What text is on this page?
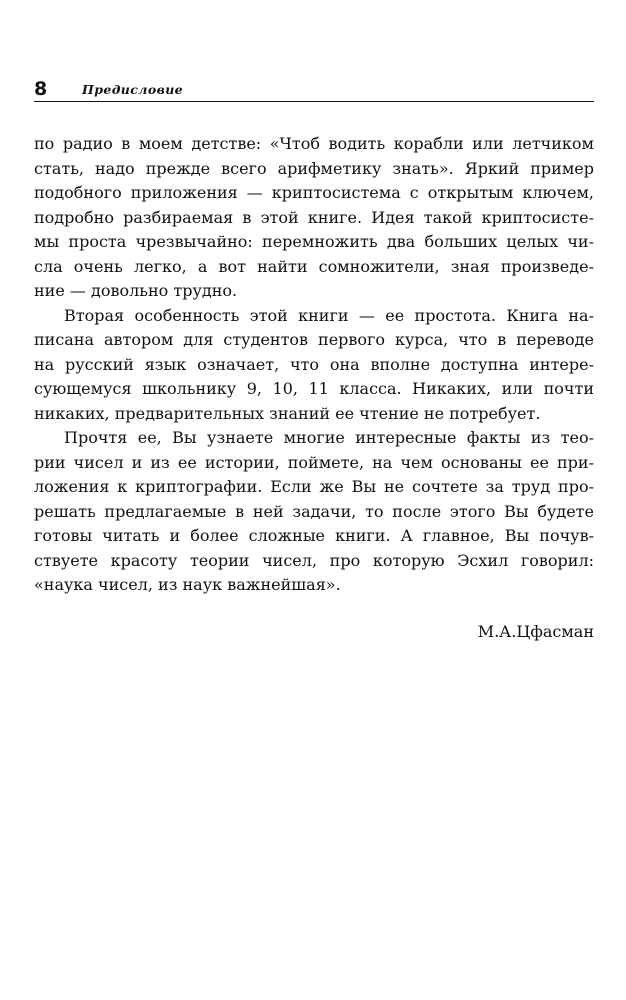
8	Предисловие
по радио в моем детстве: «Чтоб водить корабли или летчиком
стать, надо прежде всего арифметику знать». Яркий пример
подобного приложения — криптосистема с открытым ключем,
подробно разбираемая в этой книге. Идея такой криптосисте-
мы проста чрезвычайно: перемножить два больших целых чи-
сла очень легко, а вот найти сомножители, зная произведе-
ние — довольно трудно.
Вторая особенность этой книги — ее простота. Книга на-
писана автором для студентов первого курса, что в переводе
на русский язык означает, что она вполне доступна интере-
сующемуся школьнику 9, 10, 11 класса. Никаких, или почти
никаких, предварительных знаний ее чтение не потребует.
Прочтя ее, Вы узнаете многие интересные факты из тео-
рии чисел и из ее истории, поймете, на чем основаны ее при-
ложения к криптографии. Если же Вы не сочтете за труд про-
решать предлагаемые в ней задачи, то после этого Вы будете
готовы читать и более сложные книги. А главное, Вы почув-
ствуете красоту теории чисел, про которую Эсхил говорил:
«наука чисел, из наук важнейшая».
М.А.Цфасман
